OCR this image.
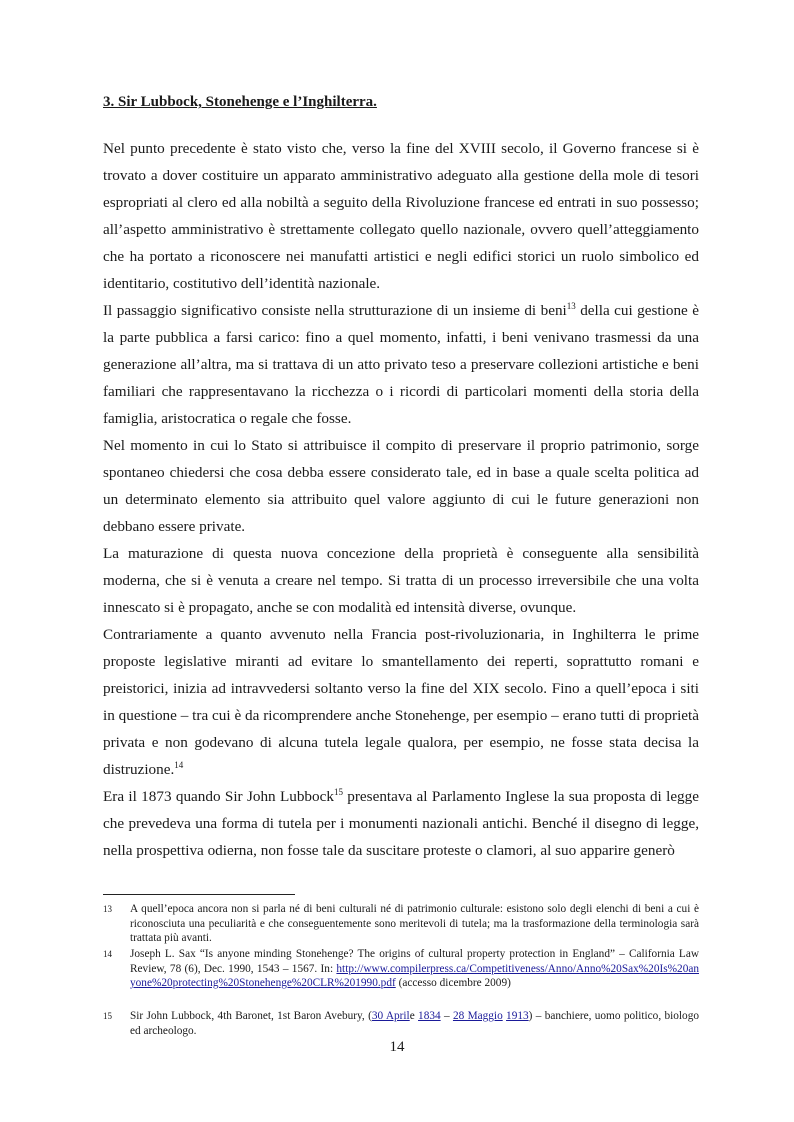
3. Sir Lubbock, Stonehenge e l’Inghilterra.

Nel punto precedente è stato visto che, verso la fine del XVIII secolo, il Governo francese si è trovato a dover costituire un apparato amministrativo adeguato alla gestione della mole di tesori espropriati al clero ed alla nobiltà a seguito della Rivoluzione francese ed entrati in suo possesso; all’aspetto amministrativo è strettamente collegato quello nazionale, ovvero quell’atteggiamento che ha portato a riconoscere nei manufatti artistici e negli edifici storici un ruolo simbolico ed identitario, costitutivo dell’identità nazionale.

Il passaggio significativo consiste nella strutturazione di un insieme di beni$^{13}$ della cui gestione è la parte pubblica a farsi carico: fino a quel momento, infatti, i beni venivano trasmessi da una generazione all’altra, ma si trattava di un atto privato teso a preservare collezioni artistiche e beni familiari che rappresentavano la ricchezza o i ricordi di particolari momenti della storia della famiglia, aristocratica o regale che fosse.

Nel momento in cui lo Stato si attribuisce il compito di preservare il proprio patrimonio, sorge spontaneo chiedersi che cosa debba essere considerato tale, ed in base a quale scelta politica ad un determinato elemento sia attribuito quel valore aggiunto di cui le future generazioni non debbano essere private.

La maturazione di questa nuova concezione della proprietà è conseguente alla sensibilità moderna, che si è venuta a creare nel tempo. Si tratta di un processo irreversibile che una volta innescato si è propagato, anche se con modalità ed intensità diverse, ovunque.

Contrariamente a quanto avvenuto nella Francia post-rivoluzionaria, in Inghilterra le prime proposte legislative miranti ad evitare lo smantellamento dei reperti, soprattutto romani e preistorici, inizia ad intravvedersi soltanto verso la fine del XIX secolo. Fino a quell’epoca i siti in questione – tra cui è da ricomprendere anche Stonehenge, per esempio – erano tutti di proprietà privata e non godevano di alcuna tutela legale qualora, per esempio, ne fosse stata decisa la distruzione.$^{14}$

Era il 1873 quando Sir John Lubbock$^{15}$ presentava al Parlamento Inglese la sua proposta di legge che prevedeva una forma di tutela per i monumenti nazionali antichi. Benché il disegno di legge, nella prospettiva odierna, non fosse tale da suscitare proteste o clamori, al suo apparire generò

13 A quell’epoca ancora non si parla né di beni culturali né di patrimonio culturale: esistono solo degli elenchi di beni a cui è riconosciuta una peculiarità e che conseguentemente sono meritevoli di tutela; ma la trasformazione della terminologia sarà trattata più avanti.
14 Joseph L. Sax “Is anyone minding Stonehenge? The origins of cultural property protection in England” – California Law Review, 78 (6), Dec. 1990, 1543 – 1567. In: http://www.compilerpress.ca/Competitiveness/Anno/Anno%20Sax%20Is%20anyone%20protecting%20Stonehenge%20CLR%201990.pdf (accesso dicembre 2009)
15 Sir John Lubbock, 4th Baronet, 1st Baron Avebury, (30 Aprile 1834 – 28 Maggio 1913) – banchiere, uomo politico, biologo ed archeologo.
14
